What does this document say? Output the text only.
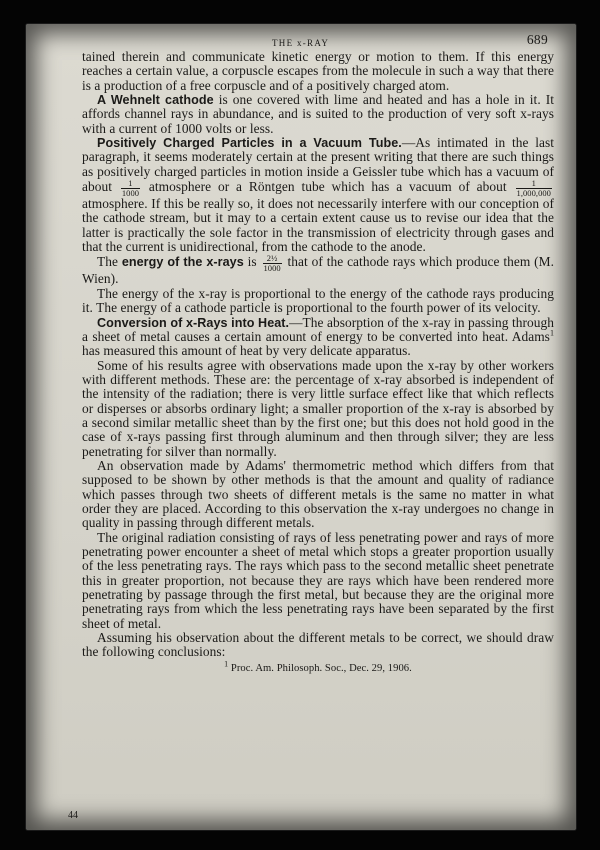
THE x-RAY	689

tained therein and communicate kinetic energy or motion to them. If this energy reaches a certain value, a corpuscle escapes from the molecule in such a way that there is a production of a free corpuscle and of a positively charged atom.

A Wehnelt cathode is one covered with lime and heated and has a hole in it. It affords channel rays in abundance, and is suited to the production of very soft x-rays with a current of 1000 volts or less.

Positively Charged Particles in a Vacuum Tube.—As intimated in the last paragraph, it seems moderately certain at the present writing that there are such things as positively charged particles in motion inside a Geissler tube which has a vacuum of about $\frac{1}{1000}$ atmosphere or a Röntgen tube which has a vacuum of about $\frac{1}{1,000,000}$
atmosphere. If this be really so, it does not necessarily interfere with our conception of the cathode stream, but it may to a certain extent cause us to revise our idea that the latter is practically the sole factor in the transmission of electricity through gases and that the current is unidirectional, from the cathode to the anode.

The energy of the x-rays is $\frac{\text{2½}}{1000}$ that of the cathode rays which produce them (M. Wien).

The energy of the x-ray is proportional to the energy of the cathode rays producing it. The energy of a cathode particle is proportional to the fourth power of its velocity.

Conversion of x-Rays into Heat.—The absorption of the x-ray in passing through a sheet of metal causes a certain amount of energy to be converted into heat. Adams$^1$ has measured this amount of heat by very delicate apparatus.

Some of his results agree with observations made upon the x-ray by other workers with different methods. These are: the percentage of x-ray absorbed is independent of the intensity of the radiation; there is very little surface effect like that which reflects or disperses or absorbs ordinary light; a smaller proportion of the x-ray is absorbed by a second similar metallic sheet than by the first one; but this does not hold good in the case of x-rays passing first through aluminum and then through silver; they are less penetrating for silver than normally.

An observation made by Adams' thermometric method which differs from that supposed to be shown by other methods is that the amount and quality of radiance which passes through two sheets of different metals is the same no matter in what order they are placed. According to this observation the x-ray undergoes no change in quality in passing through different metals.

The original radiation consisting of rays of less penetrating power and rays of more penetrating power encounter a sheet of metal which stops a greater proportion usually of the less penetrating rays. The rays which pass to the second metallic sheet penetrate this in greater proportion, not because they are rays which have been rendered more penetrating by passage through the first metal, but because they are the original more penetrating rays from which the less penetrating rays have been separated by the first sheet of metal.

Assuming his observation about the different metals to be correct, we should draw the following conclusions:

$^1$ Proc. Am. Philosoph. Soc., Dec. 29, 1906.

44
